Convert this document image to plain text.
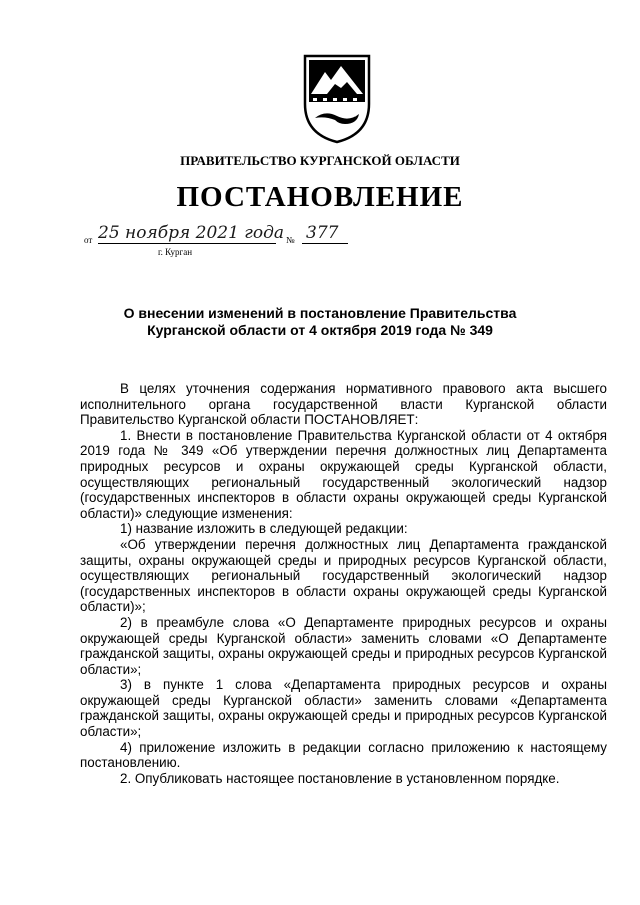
ПРАВИТЕЛЬСТВО КУРГАНСКОЙ ОБЛАСТИ
ПОСТАНОВЛЕНИЕ
от 25 ноября 2021 года № 377
г. Курган
О внесении изменений в постановление Правительства
Курганской области от 4 октября 2019 года № 349

В целях уточнения содержания нормативного правового акта высшего исполнительного органа государственной власти Курганской области Правительство Курганской области ПОСТАНОВЛЯЕТ:

1. Внести в постановление Правительства Курганской области от 4 октября 2019 года № 349 «Об утверждении перечня должностных лиц Департамента природных ресурсов и охраны окружающей среды Курганской области, осуществляющих региональный государственный экологический надзор (государственных инспекторов в области охраны окружающей среды Курганской области)» следующие изменения:

1) название изложить в следующей редакции:

«Об утверждении перечня должностных лиц Департамента гражданской защиты, охраны окружающей среды и природных ресурсов Курганской области, осуществляющих региональный государственный экологический надзор (государственных инспекторов в области охраны окружающей среды Курганской области)»;

2) в преамбуле слова «О Департаменте природных ресурсов и охраны окружающей среды Курганской области» заменить словами «О Департаменте гражданской защиты, охраны окружающей среды и природных ресурсов Курганской области»;

3) в пункте 1 слова «Департамента природных ресурсов и охраны окружающей среды Курганской области» заменить словами «Департамента гражданской защиты, охраны окружающей среды и природных ресурсов Курганской области»;

4) приложение изложить в редакции согласно приложению к настоящему постановлению.

2. Опубликовать настоящее постановление в установленном порядке.
